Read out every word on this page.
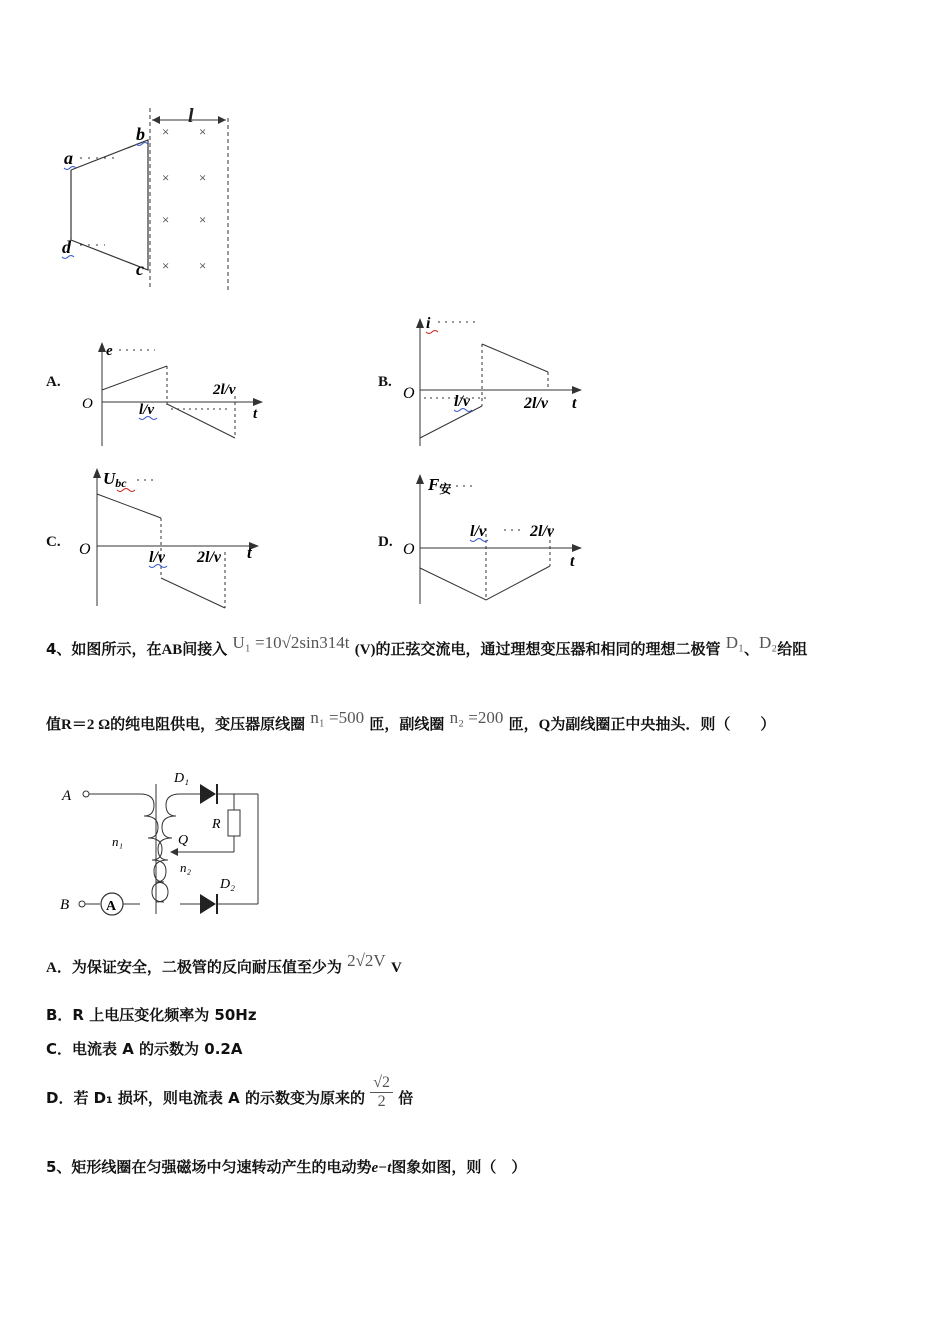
l
a
b
c
d
× ×
× ×
× ×
× ×
A.
e
O	l/v
2l/v
t
B.
i
O l/v	2l/v t
C.
Ubc
O	l/v 2l/v t
D.
F安
O
l/v	2l/v
t
4、如图所示，在AB间接入 U₁ =10√2sin314t (V)的正弦交流电，通过理想变压器和相同的理想二极管 D₁、D₂给阻
值R＝2 Ω的纯电阻供电，变压器原线圈 n₁ =500 匝，副线圈 n₂ =200 匝，Q为副线圈正中央抽头．则（　　）
A
B	A
n₁
n₂
D₁
R
Q
D₂
A．为保证安全，二极管的反向耐压值至少为 2√2V V
B．R 上电压变化频率为 50Hz
C．电流表 A 的示数为 0.2A
D．若 D₁ 损坏，则电流表 A 的示数变为原来的 $\frac{√2}{2}$ 倍
5、矩形线圈在匀强磁场中匀速转动产生的电动势e−t图象如图，则（　）
